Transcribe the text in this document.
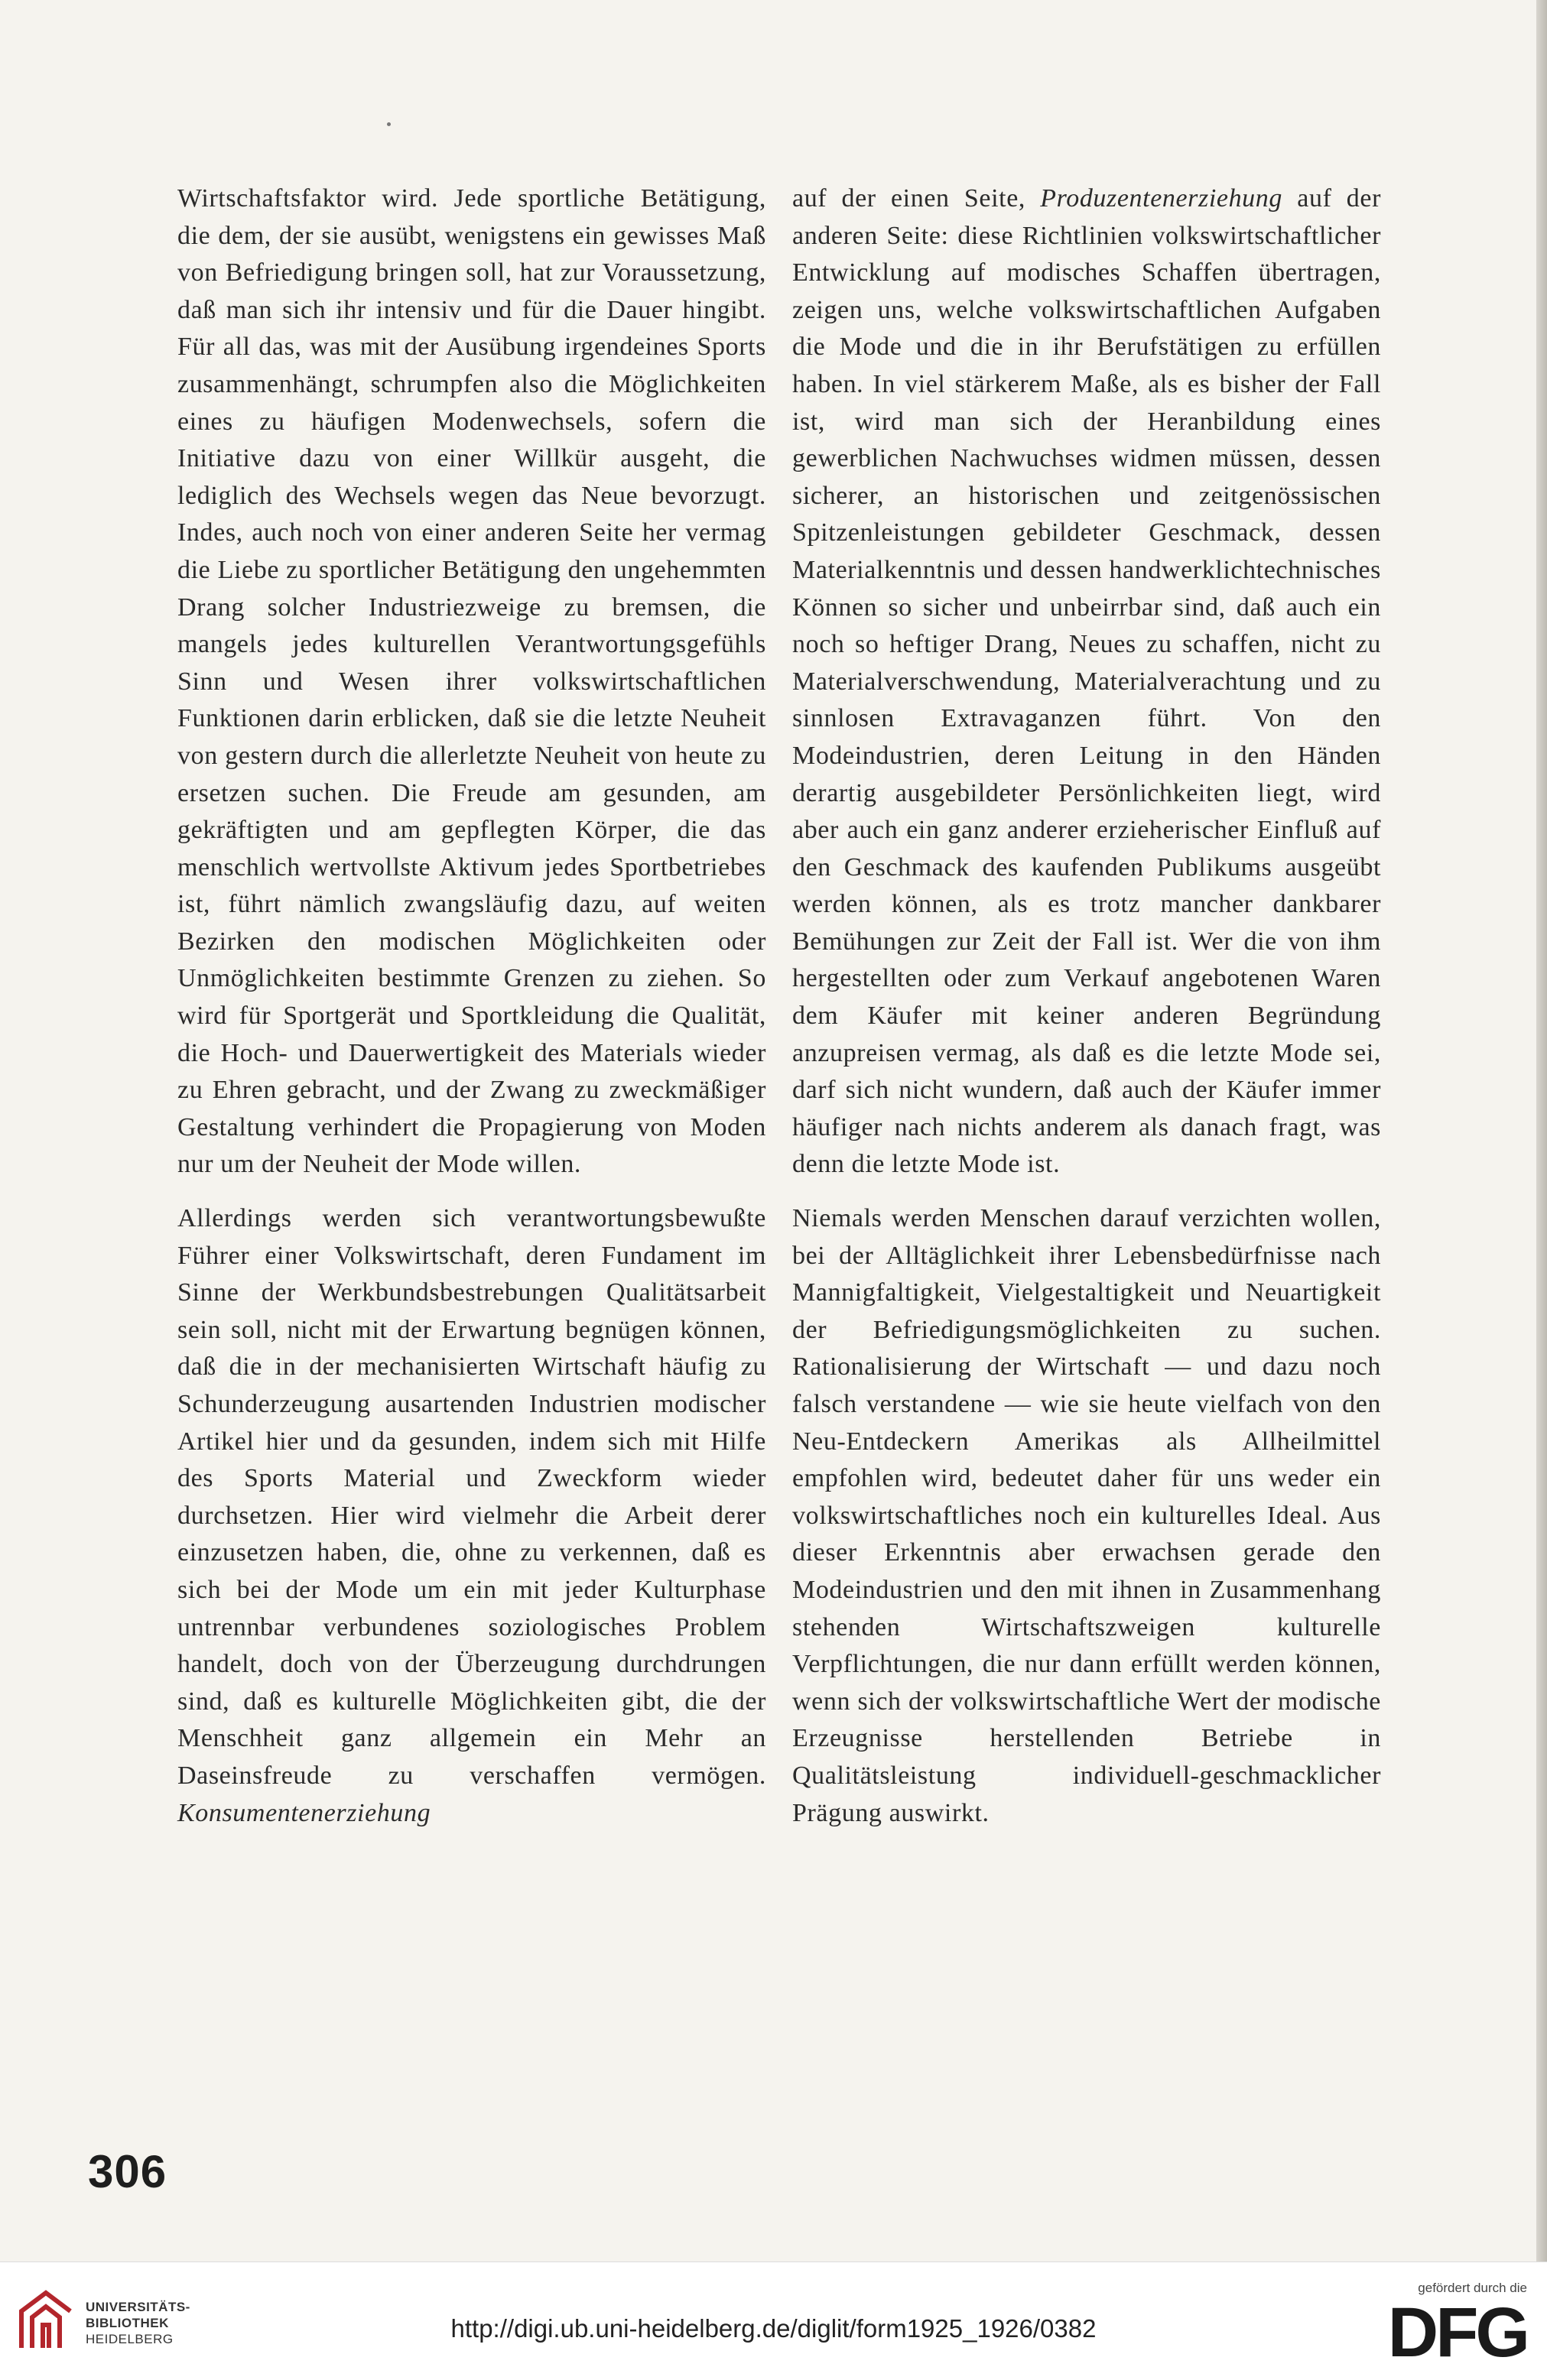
Wirtschaftsfaktor wird. Jede sportliche Betätigung, die dem, der sie ausübt, wenigstens ein gewisses Maß von Befriedigung bringen soll, hat zur Voraussetzung, daß man sich ihr intensiv und für die Dauer hingibt. Für all das, was mit der Ausübung irgendeines Sports zusammenhängt, schrumpfen also die Möglichkeiten eines zu häufigen Modenwechsels, sofern die Initiative dazu von einer Willkür ausgeht, die lediglich des Wechsels wegen das Neue bevorzugt. Indes, auch noch von einer anderen Seite her vermag die Liebe zu sportlicher Betätigung den ungehemmten Drang solcher Industriezweige zu bremsen, die mangels jedes kulturellen Verantwortungsgefühls Sinn und Wesen ihrer volkswirtschaftlichen Funktionen darin erblicken, daß sie die letzte Neuheit von gestern durch die allerletzte Neuheit von heute zu ersetzen suchen. Die Freude am gesunden, am gekräftigten und am gepflegten Körper, die das menschlich wertvollste Aktivum jedes Sportbetriebes ist, führt nämlich zwangsläufig dazu, auf weiten Bezirken den modischen Möglichkeiten oder Unmöglichkeiten bestimmte Grenzen zu ziehen. So wird für Sportgerät und Sportkleidung die Qualität, die Hoch- und Dauerwertigkeit des Materials wieder zu Ehren gebracht, und der Zwang zu zweckmäßiger Gestaltung verhindert die Propagierung von Moden nur um der Neuheit der Mode willen.

Allerdings werden sich verantwortungsbewußte Führer einer Volkswirtschaft, deren Fundament im Sinne der Werkbundsbestrebungen Qualitätsarbeit sein soll, nicht mit der Erwartung begnügen können, daß die in der mechanisierten Wirtschaft häufig zu Schunderzeugung ausartenden Industrien modischer Artikel hier und da gesunden, indem sich mit Hilfe des Sports Material und Zweckform wieder durchsetzen. Hier wird vielmehr die Arbeit derer einzusetzen haben, die, ohne zu verkennen, daß es sich bei der Mode um ein mit jeder Kulturphase untrennbar verbundenes soziologisches Problem handelt, doch von der Überzeugung durchdrungen sind, daß es kulturelle Möglichkeiten gibt, die der Menschheit ganz allgemein ein Mehr an Daseinsfreude zu verschaffen vermögen. Konsumentenerziehung

auf der einen Seite, Produzentenerziehung auf der anderen Seite: diese Richtlinien volkswirtschaftlicher Entwicklung auf modisches Schaffen übertragen, zeigen uns, welche volkswirtschaftlichen Aufgaben die Mode und die in ihr Berufstätigen zu erfüllen haben. In viel stärkerem Maße, als es bisher der Fall ist, wird man sich der Heranbildung eines gewerblichen Nachwuchses widmen müssen, dessen sicherer, an historischen und zeitgenössischen Spitzenleistungen gebildeter Geschmack, dessen Materialkenntnis und dessen handwerklichtechnisches Können so sicher und unbeirrbar sind, daß auch ein noch so heftiger Drang, Neues zu schaffen, nicht zu Materialverschwendung, Materialverachtung und zu sinnlosen Extravaganzen führt. Von den Modeindustrien, deren Leitung in den Händen derartig ausgebildeter Persönlichkeiten liegt, wird aber auch ein ganz anderer erzieherischer Einfluß auf den Geschmack des kaufenden Publikums ausgeübt werden können, als es trotz mancher dankbarer Bemühungen zur Zeit der Fall ist. Wer die von ihm hergestellten oder zum Verkauf angebotenen Waren dem Käufer mit keiner anderen Begründung anzupreisen vermag, als daß es die letzte Mode sei, darf sich nicht wundern, daß auch der Käufer immer häufiger nach nichts anderem als danach fragt, was denn die letzte Mode ist.

Niemals werden Menschen darauf verzichten wollen, bei der Alltäglichkeit ihrer Lebensbedürfnisse nach Mannigfaltigkeit, Vielgestaltigkeit und Neuartigkeit der Befriedigungsmöglichkeiten zu suchen. Rationalisierung der Wirtschaft — und dazu noch falsch verstandene — wie sie heute vielfach von den Neu-Entdeckern Amerikas als Allheilmittel empfohlen wird, bedeutet daher für uns weder ein volkswirtschaftliches noch ein kulturelles Ideal. Aus dieser Erkenntnis aber erwachsen gerade den Modeindustrien und den mit ihnen in Zusammenhang stehenden Wirtschaftszweigen kulturelle Verpflichtungen, die nur dann erfüllt werden können, wenn sich der volkswirtschaftliche Wert der modische Erzeugnisse herstellenden Betriebe in Qualitätsleistung individuell-geschmacklicher Prägung auswirkt.

306
UNIVERSITÄTS-
BIBLIOTHEK
HEIDELBERG	http://digi.ub.uni-heidelberg.de/diglit/form1925_1926/0382
gefördert durch die
DFG
